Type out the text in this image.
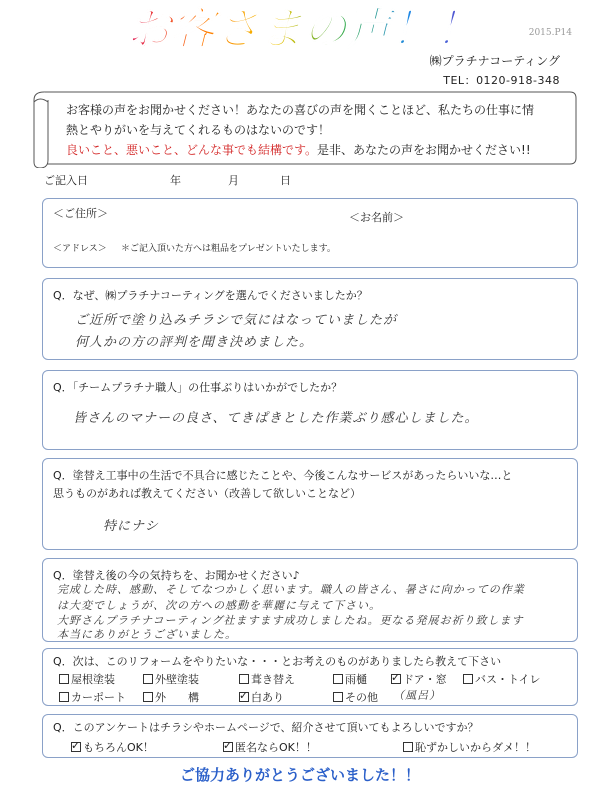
お客さまの声！！	2015.P14
㈱プラチナコーティング
TEL：0120-918-348
お客様の声をお聞かせください！あなたの喜びの声を聞くことほど、私たちの仕事に情
熱とやりがいを与えてくれるものはないのです！
良いこと、悪いこと、どんな事でも結構です。是非、あなたの声をお聞かせください!!
ご記入日	年	月	日
＜ご住所＞	＜お名前＞
＜アドレス＞ ＊ご記入頂いた方へは粗品をプレゼントいたします。
Q．なぜ、㈱プラチナコーティングを選んでくださいましたか？
ご近所で塗り込みチラシで気にはなっていましたが
何人かの方の評判を聞き決めました。
Q．「チームプラチナ職人」の仕事ぶりはいかがでしたか？
皆さんのマナーの良さ、てきぱきとした作業ぶり感心しました。
Q．塗替え工事中の生活で不具合に感じたことや、今後こんなサービスがあったらいいな…と
思うものがあれば教えてください（改善して欲しいことなど）
特にナシ
Q．塗替え後の今の気持ちを、お聞かせください♪
完成した時、感動、そしてなつかしく思います。職人の皆さん、暑さに向かっての作業
は大変でしょうが、次の方への感動を華麗に与えて下さい。
大野さんプラチナコーティング社ますます成功しましたね。更なる発展お祈り致します
本当にありがとうございました。
Q．次は、このリフォームをやりたいな・・・とお考えのものがありましたら教えて下さい
屋根塗装	外壁塗装	葺き替え	雨樋 ✓	ドア・窓	バス・トイレ
カーポート	外　　構 ✓	白あり	その他 （風呂）
Q．このアンケートはチラシやホームページで、紹介させて頂いてもよろしいですか？
✓もちろんOK！ ✓	匿名ならOK！！	恥ずかしいからダメ！！
ご協力ありがとうございました！！
